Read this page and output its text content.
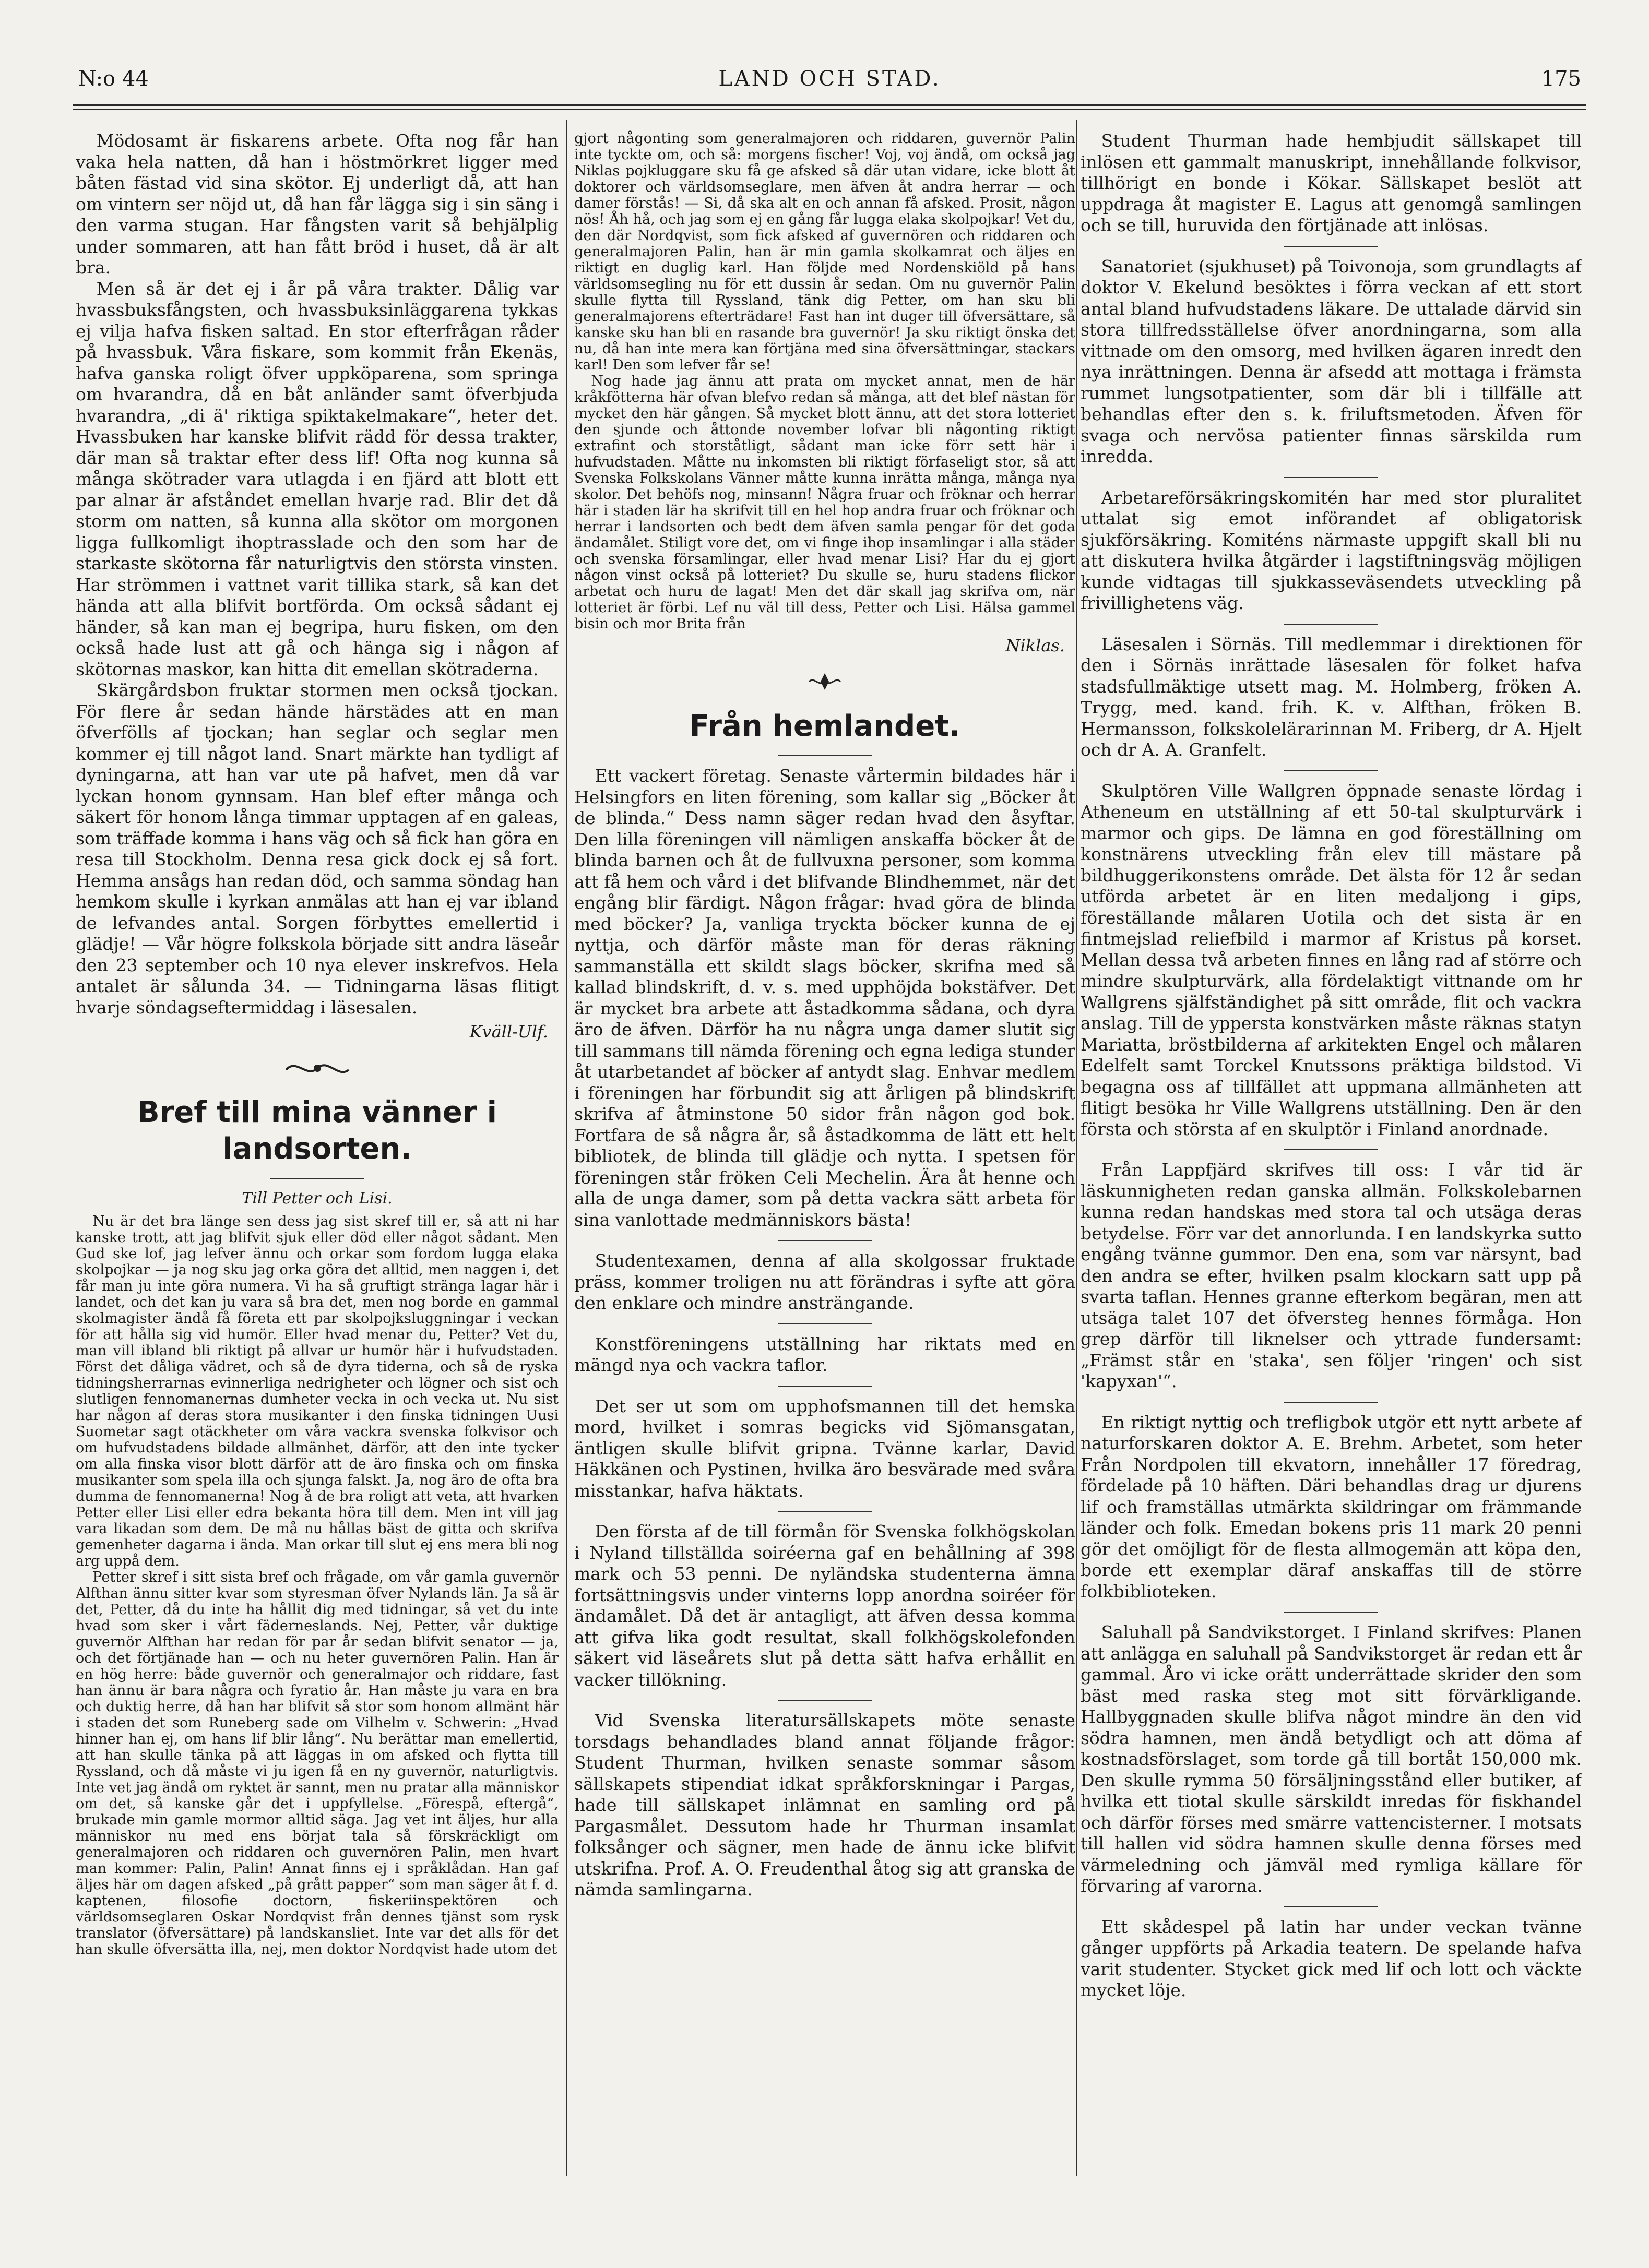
N:o 44	LAND OCH STAD.	175

Mödosamt är fiskarens arbete. Ofta nog får han vaka hela natten, då han i höstmörkret ligger med båten fästad vid sina skötor. Ej underligt då, att han om vintern ser nöjd ut, då han får lägga sig i sin säng i den varma stugan. Har fångsten varit så behjälplig under sommaren, att han fått bröd i huset, då är alt bra.

Men så är det ej i år på våra trakter. Dålig var hvassbuksfångsten, och hvassbuksinläggarena tykkas ej vilja hafva fisken saltad. En stor efterfrågan råder på hvassbuk. Våra fiskare, som kommit från Ekenäs, hafva ganska roligt öfver uppköparena, som springa om hvarandra, då en båt anländer samt öfverbjuda hvarandra, „di ä' riktiga spiktakelmakare“, heter det. Hvassbuken har kanske blifvit rädd för dessa trakter, där man så traktar efter dess lif! Ofta nog kunna så många skötrader vara utlagda i en fjärd att blott ett par alnar är afståndet emellan hvarje rad. Blir det då storm om natten, så kunna alla skötor om morgonen ligga fullkomligt ihoptrasslade och den som har de starkaste skötorna får naturligtvis den största vinsten. Har strömmen i vattnet varit tillika stark, så kan det hända att alla blifvit bortförda. Om också sådant ej händer, så kan man ej begripa, huru fisken, om den också hade lust att gå och hänga sig i någon af skötornas maskor, kan hitta dit emellan skötraderna.

Skärgårdsbon fruktar stormen men också tjockan. För flere år sedan hände härstädes att en man öfverfölls af tjockan; han seglar och seglar men kommer ej till något land. Snart märkte han tydligt af dyningarna, att han var ute på hafvet, men då var lyckan honom gynnsam. Han blef efter många och säkert för honom långa timmar upptagen af en galeas, som träffade komma i hans väg och så fick han göra en resa till Stockholm. Denna resa gick dock ej så fort. Hemma ansågs han redan död, och samma söndag han hemkom skulle i kyrkan anmälas att han ej var ibland de lefvandes antal. Sorgen förbyttes emellertid i glädje! — Vår högre folkskola började sitt andra läseår den 23 september och 10 nya elever inskrefvos. Hela antalet är sålunda 34. — Tidningarna läsas flitigt hvarje söndagseftermiddag i läsesalen.

Kväll-Ulf.

Bref till mina vänner i landsorten.
Till Petter och Lisi.

Nu är det bra länge sen dess jag sist skref till er, så att ni har kanske trott, att jag blifvit sjuk eller död eller något sådant. Men Gud ske lof, jag lefver ännu och orkar som fordom lugga elaka skolpojkar — ja nog sku jag orka göra det alltid, men naggen i, det får man ju inte göra numera. Vi ha så gruftigt stränga lagar här i landet, och det kan ju vara så bra det, men nog borde en gammal skolmagister ändå få företa ett par skolpojksluggningar i veckan för att hålla sig vid humör. Eller hvad menar du, Petter? Vet du, man vill ibland bli riktigt på allvar ur humör här i hufvudstaden. Först det dåliga vädret, och så de dyra tiderna, och så de ryska tidningsherrarnas evinnerliga nedrigheter och lögner och sist och slutligen fennomanernas dumheter vecka in och vecka ut. Nu sist har någon af deras stora musikanter i den finska tidningen Uusi Suometar sagt otäckheter om våra vackra svenska folkvisor och om hufvudstadens bildade allmänhet, därför, att den inte tycker om alla finska visor blott därför att de äro finska och om finska musikanter som spela illa och sjunga falskt. Ja, nog äro de ofta bra dumma de fennomanerna! Nog å de bra roligt att veta, att hvarken Petter eller Lisi eller edra bekanta höra till dem. Men int vill jag vara likadan som dem. De må nu hållas bäst de gitta och skrifva gemenheter dagarna i ända. Man orkar till slut ej ens mera bli nog arg uppå dem.

Petter skref i sitt sista bref och frågade, om vår gamla guvernör Alfthan ännu sitter kvar som styresman öfver Nylands län. Ja så är det, Petter, då du inte ha hållit dig med tidningar, så vet du inte hvad som sker i vårt fäderneslands. Nej, Petter, vår duktige guvernör Alfthan har redan för par år sedan blifvit senator — ja, och det förtjänade han — och nu heter guvernören Palin. Han är en hög herre: både guvernör och generalmajor och riddare, fast han ännu är bara några och fyratio år. Han måste ju vara en bra och duktig herre, då han har blifvit så stor som honom allmänt här i staden det som Runeberg sade om Vilhelm v. Schwerin: „Hvad hinner han ej, om hans lif blir lång“. Nu berättar man emellertid, att han skulle tänka på att läggas in om afsked och flytta till Ryssland, och då måste vi ju igen få en ny guvernör, naturligtvis. Inte vet jag ändå om ryktet är sannt, men nu pratar alla människor om det, så kanske går det i uppfyllelse. „Förespå, eftergå“, brukade min gamle mormor alltid säga. Jag vet int äljes, hur alla människor nu med ens börjat tala så förskräckligt om generalmajoren och riddaren och guvernören Palin, men hvart man kommer: Palin, Palin! Annat finns ej i språklådan. Han gaf äljes här om dagen afsked „på grått papper“ som man säger åt f. d. kaptenen, filosofie doctorn, fiskeriinspektören och världsomseglaren Oskar Nordqvist från dennes tjänst som rysk translator (öfversättare) på landskansliet. Inte var det alls för det han skulle öfversätta illa, nej, men doktor Nordqvist hade utom det

gjort någonting som generalmajoren och riddaren, guvernör Palin inte tyckte om, och så: morgens fischer! Voj, voj ändå, om också jag Niklas pojkluggare sku få ge afsked så där utan vidare, icke blott åt doktorer och världsomseglare, men äfven åt andra herrar — och damer förstås! — Si, då ska alt en och annan få afsked. Prosit, någon nös! Åh hå, och jag som ej en gång får lugga elaka skolpojkar! Vet du, den där Nordqvist, som fick afsked af guvernören och riddaren och generalmajoren Palin, han är min gamla skolkamrat och äljes en riktigt en duglig karl. Han följde med Nordenskiöld på hans världsomsegling nu för ett dussin år sedan. Om nu guvernör Palin skulle flytta till Ryssland, tänk dig Petter, om han sku bli generalmajorens efterträdare! Fast han int duger till öfversättare, så kanske sku han bli en rasande bra guvernör! Ja sku riktigt önska det nu, då han inte mera kan förtjäna med sina öfversättningar, stackars karl! Den som lefver får se!

Nog hade jag ännu att prata om mycket annat, men de här kråkfötterna här ofvan blefvo redan så många, att det blef nästan för mycket den här gången. Så mycket blott ännu, att det stora lotteriet den sjunde och åttonde november lofvar bli någonting riktigt extrafint och storståtligt, sådant man icke förr sett här i hufvudstaden. Måtte nu inkomsten bli riktigt förfaseligt stor, så att Svenska Folkskolans Vänner måtte kunna inrätta många, många nya skolor. Det behöfs nog, minsann! Några fruar och fröknar och herrar här i staden lär ha skrifvit till en hel hop andra fruar och fröknar och herrar i landsorten och bedt dem äfven samla pengar för det goda ändamålet. Stiligt vore det, om vi finge ihop insamlingar i alla städer och svenska församlingar, eller hvad menar Lisi? Har du ej gjort någon vinst också på lotteriet? Du skulle se, huru stadens flickor arbetat och huru de lagat! Men det där skall jag skrifva om, när lotteriet är förbi. Lef nu väl till dess, Petter och Lisi. Hälsa gammel bisin och mor Brita från

Niklas.

Från hemlandet.

Ett vackert företag. Senaste vårtermin bildades här i Helsingfors en liten förening, som kallar sig „Böcker åt de blinda.“ Dess namn säger redan hvad den åsyftar. Den lilla föreningen vill nämligen anskaffa böcker åt de blinda barnen och åt de fullvuxna personer, som komma att få hem och vård i det blifvande Blindhemmet, när det engång blir färdigt. Någon frågar: hvad göra de blinda med böcker? Ja, vanliga tryckta böcker kunna de ej nyttja, och därför måste man för deras räkning sammanställa ett skildt slags böcker, skrifna med så kallad blindskrift, d. v. s. med upphöjda bokstäfver. Det är mycket bra arbete att åstadkomma sådana, och dyra äro de äfven. Därför ha nu några unga damer slutit sig till sammans till nämda förening och egna lediga stunder åt utarbetandet af böcker af antydt slag. Enhvar medlem i föreningen har förbundit sig att årligen på blindskrift skrifva af åtminstone 50 sidor från någon god bok. Fortfara de så några år, så åstadkomma de lätt ett helt bibliotek, de blinda till glädje och nytta. I spetsen för föreningen står fröken Celi Mechelin. Ära åt henne och alla de unga damer, som på detta vackra sätt arbeta för sina vanlottade medmänniskors bästa!

Studentexamen, denna af alla skolgossar fruktade präss, kommer troligen nu att förändras i syfte att göra den enklare och mindre ansträngande.

Konstföreningens utställning har riktats med en mängd nya och vackra taflor.

Det ser ut som om upphofsmannen till det hemska mord, hvilket i somras begicks vid Sjömansgatan, äntligen skulle blifvit gripna. Tvänne karlar, David Häkkänen och Pystinen, hvilka äro besvärade med svåra misstankar, hafva häktats.

Den första af de till förmån för Svenska folkhögskolan i Nyland tillställda soiréerna gaf en behållning af 398 mark och 53 penni. De nyländska studenterna ämna fortsättningsvis under vinterns lopp anordna soiréer för ändamålet. Då det är antagligt, att äfven dessa komma att gifva lika godt resultat, skall folkhögskolefonden säkert vid läseårets slut på detta sätt hafva erhållit en vacker tillökning.

Vid Svenska literatursällskapets möte senaste torsdags behandlades bland annat följande frågor: Student Thurman, hvilken senaste sommar såsom sällskapets stipendiat idkat språkforskningar i Pargas, hade till sällskapet inlämnat en samling ord på Pargasmålet. Dessutom hade hr Thurman insamlat folksånger och sägner, men hade de ännu icke blifvit utskrifna. Prof. A. O. Freudenthal åtog sig att granska de nämda samlingarna.

Student Thurman hade hembjudit sällskapet till inlösen ett gammalt manuskript, innehållande folkvisor, tillhörigt en bonde i Kökar. Sällskapet beslöt att uppdraga åt magister E. Lagus att genomgå samlingen och se till, huruvida den förtjänadе att inlösas.

Sanatoriet (sjukhuset) på Toivonoja, som grundlagts af doktor V. Ekelund besöktes i förra veckan af ett stort antal bland hufvudstadens läkare. De uttalade därvid sin stora tillfredsställelse öfver anordningarna, som alla vittnade om den omsorg, med hvilken ägaren inredt den nya inrättningen. Denna är afsedd att mottaga i främsta rummet lungsotpatienter, som där bli i tillfälle att behandlas efter den s. k. friluftsmetoden. Äfven för svaga och nervösa patienter finnas särskilda rum inredda.

Arbetareförsäkringskomitén har med stor pluralitet uttalat sig emot införandet af obligatorisk sjukförsäkring. Komiténs närmaste uppgift skall bli nu att diskutera hvilka åtgärder i lagstiftningsväg möjligen kunde vidtagas till sjukkasseväsendets utveckling på frivillighetens väg.

Läsesalen i Sörnäs. Till medlemmar i direktionen för den i Sörnäs inrättade läsesalen för folket hafva stadsfullmäktige utsett mag. M. Holmberg, fröken A. Trygg, med. kand. frih. K. v. Alfthan, fröken B. Hermansson, folkskolelärarinnan M. Friberg, dr A. Hjelt och dr A. A. Granfelt.

Skulptören Ville Wallgren öppnade senaste lördag i Atheneum en utställning af ett 50-tal skulpturvärk i marmor och gips. De lämna en god föreställning om konstnärens utveckling från elev till mästare på bildhuggerikonstens område. Det älsta för 12 år sedan utförda arbetet är en liten medaljong i gips, föreställande målaren Uotila och det sista är en fintmejslad reliefbild i marmor af Kristus på korset. Mellan dessa två arbeten finnes en lång rad af större och mindre skulpturvärk, alla fördelaktigt vittnande om hr Wallgrens själfständighet på sitt område, flit och vackra anslag. Till de yppersta konstvärken måste räknas statyn Mariatta, bröstbilderna af arkitekten Engel och målaren Edelfelt samt Torckel Knutssons präktiga bildstod. Vi begagna oss af tillfället att uppmana allmänheten att flitigt besöka hr Ville Wallgrens utställning. Den är den första och största af en skulptör i Finland anordnade.

Från Lappfjärd skrifves till oss: I vår tid är läskunnigheten redan ganska allmän. Folkskolebarnen kunna redan handskas med stora tal och utsäga deras betydelse. Förr var det annorlunda. I en landskyrka sutto engång tvänne gummor. Den ena, som var närsynt, bad den andra se efter, hvilken psalm klockarn satt upp på svarta taflan. Hennes granne efterkom begäran, men att utsäga talet 107 det öfversteg hennes förmåga. Hon grep därför till liknelser och yttrade fundersamt: „Främst står en 'staka', sen följer 'ringen' och sist 'kapyxan'“.

En riktigt nyttig och trefligbok utgör ett nytt arbete af naturforskaren doktor A. E. Brehm. Arbetet, som heter Från Nordpolen till ekvatorn, innehåller 17 föredrag, fördelade på 10 häften. Däri behandlas drag ur djurens lif och framställas utmärkta skildringar om främmande länder och folk. Emedan bokens pris 11 mark 20 penni gör det omöjligt för de flesta allmogemän att köpa den, borde ett exemplar däraf anskaffas till de större folkbiblioteken.

Saluhall på Sandvikstorget. I Finland skrifves: Planen att anlägga en saluhall på Sandvikstorget är redan ett år gammal. Åro vi icke orätt underrättade skrider den som bäst med raska steg mot sitt förvärkligande. Hallbyggnaden skulle blifva något mindre än den vid södra hamnen, men ändå betydligt och att döma af kostnadsförslaget, som torde gå till bortåt 150,000 mk. Den skulle rymma 50 försäljningsstånd eller butiker, af hvilka ett tiotal skulle särskildt inredas för fiskhandel och därför förses med smärre vattencisterner. I motsats till hallen vid södra hamnen skulle denna förses med värmeledning och jämväl med rymliga källare för förvaring af varorna.

Ett skådespel på latin har under veckan tvänne gånger uppförts på Arkadia teatern. De spelande hafva varit studenter. Stycket gick med lif och lott och väckte mycket löje.
